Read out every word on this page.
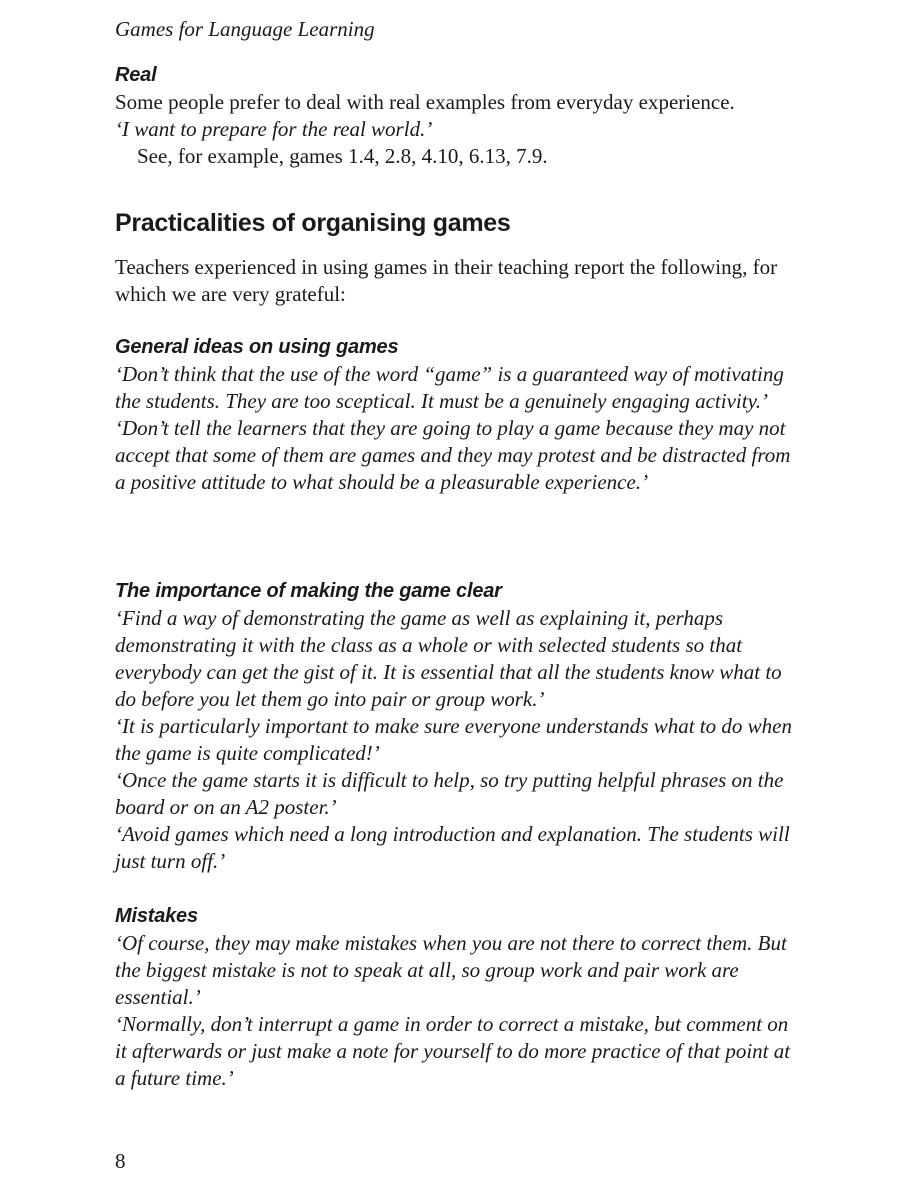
Games for Language Learning

Real

Some people prefer to deal with real examples from everyday experience.

‘I want to prepare for the real world.’

See, for example, games 1.4, 2.8, 4.10, 6.13, 7.9.

Practicalities of organising games

Teachers experienced in using games in their teaching report the following, for which we are very grateful:

General ideas on using games

‘Don’t think that the use of the word “game” is a guaranteed way of motivating the students. They are too sceptical. It must be a genuinely engaging activity.’

‘Don’t tell the learners that they are going to play a game because they may not accept that some of them are games and they may protest and be distracted from a positive attitude to what should be a pleasurable experience.’

The importance of making the game clear

‘Find a way of demonstrating the game as well as explaining it, perhaps demonstrating it with the class as a whole or with selected students so that everybody can get the gist of it. It is essential that all the students know what to do before you let them go into pair or group work.’

‘It is particularly important to make sure everyone understands what to do when the game is quite complicated!’

‘Once the game starts it is difficult to help, so try putting helpful phrases on the board or on an A2 poster.’

‘Avoid games which need a long introduction and explanation. The students will just turn off.’

Mistakes

‘Of course, they may make mistakes when you are not there to correct them. But the biggest mistake is not to speak at all, so group work and pair work are essential.’

‘Normally, don’t interrupt a game in order to correct a mistake, but comment on it afterwards or just make a note for yourself to do more practice of that point at a future time.’

8
